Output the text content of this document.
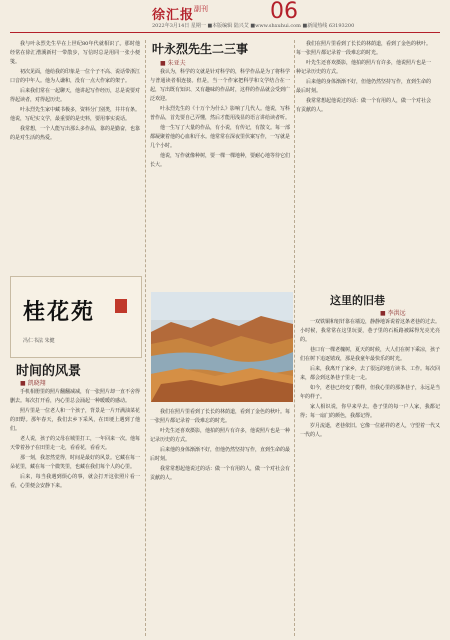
徐汇报 副刊	06
2022年3月14日 星期一 ■本版编辑 陆兴艾 ■www.shxuhui.com ■新闻热线 63193200

我与叶永烈先生早在上世纪80年代就相识了。那时他经常在徐汇漕溪新村一带散步，写信时总是用同一张小便笺。

初次见面，他给我的印象是一位个子不高、说话带浙江口音的中年人。他为人谦和，没有一点大作家的架子。

后来我们常在一起聊天，他讲起写作经历，总是说要对得起读者，对得起历史。

叶永烈先生家中藏书极多，资料分门别类，井井有条。他说，写纪实文学，最重要的是史料，要用事实说话。

我常想，一个人能写出那么多作品，靠的是勤奋，也靠的是对生活的热爱。

桂花苑
冯仁书法 朱健
时间的风景
■ 凯晓翔

手机相册里的照片翻翻减减，有一张照片却一直不舍得删去。每次打开看，内心里总会涌起一种暖暖的感动。

照片里是一位老人和一个孩子，背景是一片开满油菜花的田野。那年春天，我们去乡下采风，在田埂上遇到了他们。

老人说，孩子的父母在城里打工，一年回来一次。他每天带着孙子在田里走一走，看看花，看看天。

那一刻，我忽然觉得，时间是最好的风景。它藏在每一朵花里，藏在每一个微笑里，也藏在我们每个人的心里。

后来，每当我遇到烦心的事，就会打开这张照片看一看，心里便会安静下来。

叶永烈先生二三事
■ 朱亚夫

我认为，科学的文就是针对科学的，科学作品是为了将科学与普通读者相连接。但是，当一个作家把科学和文学结合在一起，写出既有知识、又有趣味的作品时，这样的作品就会受到广泛欢迎。

叶永烈先生的《十万个为什么》影响了几代人。他说，写科普作品，首先要自己弄懂，然后才能用浅显的语言讲给读者听。

他一生写了大量的作品，有小说，有传记，有散文。每一部都凝聚着他的心血和汗水。他常常在深夜里伏案写作，一写就是几个小时。

他说，写作就像种树，要一棵一棵地种，要耐心地等待它们长大。

我们在照片里看到了长长的林荫道，看到了金色的秋叶。每一张照片都记录着一段难忘的时光。

叶先生还喜欢摄影，他拍的照片有许多，他说照片也是一种记录历史的方式。

后来他的身体渐渐不好，但他仍然坚持写作，直到生命的最后时刻。

我常常想起他说过的话：做一个有用的人，做一个对社会有贡献的人。

我们在照片里看到了长长的林荫道，看到了金色的秋叶。每一张照片都记录着一段难忘的时光。

叶先生还喜欢摄影，他拍的照片有许多，他说照片也是一种记录历史的方式。

后来他的身体渐渐不好，但他仍然坚持写作，直到生命的最后时刻。

我常常想起他说过的话：做一个有用的人，做一个对社会有贡献的人。

这里的旧巷
■ 李洪远

一双铁铜和铝钎靠在墙边，静静地诉说着这条老巷的过去。小时候，我常常在这里玩耍，巷子里的石板路被踩得光亮光亮的。

巷口有一棵老槐树，夏天的时候，大人们在树下乘凉，孩子们在树下追逐嬉戏，那是我童年最快乐的时光。

后来，我离开了家乡，去了很远的地方读书、工作。每次回来，都会到这条巷子里走一走。

如今，老巷已经变了模样，但我心里的那条巷子，永远是当年的样子。

家人相识说，你早来早去。巷子里的每一户人家，我都记得；每一扇门的颜色，我都记得。

岁月流逝，老巷依旧。它像一位慈祥的老人，守望着一代又一代的人。
